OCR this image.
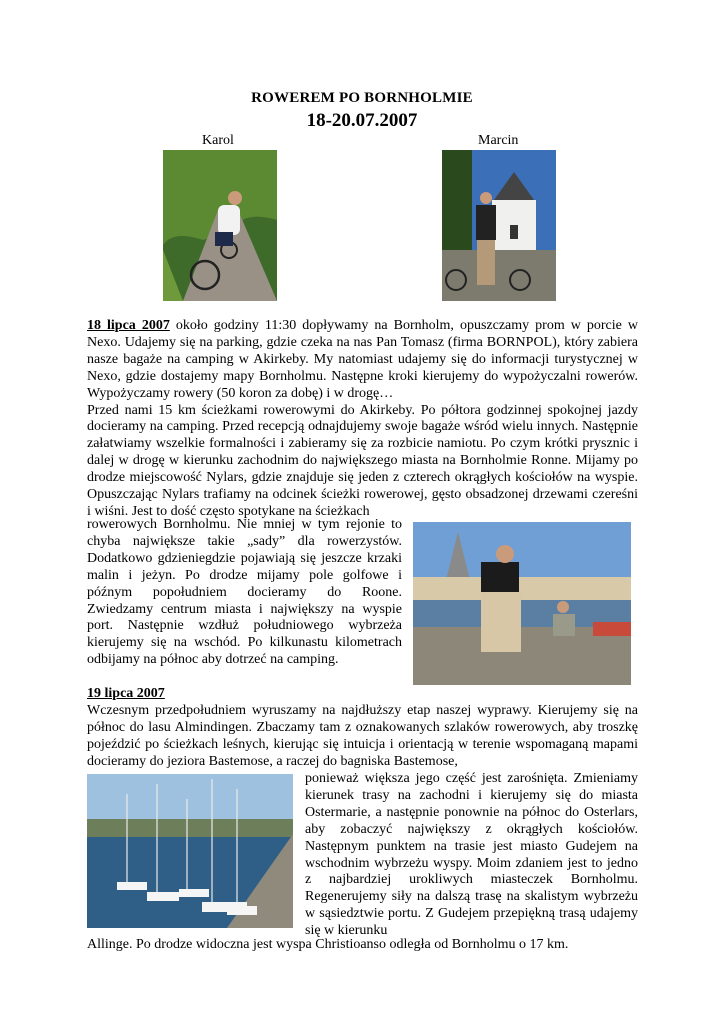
ROWEREM PO BORNHOLMIE
18-20.07.2007
Karol	Marcin
18 lipca 2007 około godziny 11:30 dopływamy na Bornholm, opuszczamy prom w porcie w Nexo. Udajemy się na parking, gdzie czeka na nas Pan Tomasz (firma BORNPOL), który zabiera nasze bagaże na camping w Akirkeby. My natomiast udajemy się do informacji turystycznej w Nexo, gdzie dostajemy mapy Bornholmu. Następne kroki kierujemy do wypożyczalni rowerów. Wypożyczamy rowery (50 koron za dobę) i w drogę…
Przed nami 15 km ścieżkami rowerowymi do Akirkeby. Po półtora godzinnej spokojnej jazdy docieramy na camping. Przed recepcją odnajdujemy swoje bagaże wśród wielu innych. Następnie załatwiamy wszelkie formalności i zabieramy się za rozbicie namiotu. Po czym krótki prysznic i dalej w drogę w kierunku zachodnim do największego miasta na Bornholmie Ronne. Mijamy po drodze miejscowość Nylars, gdzie znajduje się jeden z czterech okrągłych kościołów na wyspie. Opuszczając Nylars trafiamy na odcinek ścieżki rowerowej, gęsto obsadzonej drzewami czereśni i wiśni. Jest to dość często spotykane na ścieżkach
rowerowych Bornholmu. Nie mniej w tym rejonie to chyba największe takie „sady” dla rowerzystów. Dodatkowo gdzieniegdzie pojawiają się jeszcze krzaki malin i jeżyn. Po drodze mijamy pole golfowe i późnym popołudniem docieramy do Roone. Zwiedzamy centrum miasta i największy na wyspie port. Następnie wzdłuż południowego wybrzeża kierujemy się na wschód. Po kilkunastu kilometrach odbijamy na północ aby dotrzeć na camping.
19 lipca 2007
Wczesnym przedpołudniem wyruszamy na najdłuższy etap naszej wyprawy. Kierujemy się na północ do lasu Almindingen. Zbaczamy tam z oznakowanych szlaków rowerowych, aby troszkę pojeździć po ścieżkach leśnych, kierując się intuicja i orientacją w terenie wspomaganą mapami docieramy do jeziora Bastemose, a raczej do bagniska Bastemose,
ponieważ większa jego część jest zarośnięta. Zmieniamy kierunek trasy na zachodni i kierujemy się do miasta Ostermarie, a następnie ponownie na północ do Osterlars, aby zobaczyć największy z okrągłych kościołów. Następnym punktem na trasie jest miasto Gudejem na wschodnim wybrzeżu wyspy. Moim zdaniem jest to jedno z najbardziej urokliwych miasteczek Bornholmu. Regenerujemy siły na dalszą trasę na skalistym wybrzeżu w sąsiedztwie portu. Z Gudejem przepiękną trasą udajemy się w kierunku
Allinge. Po drodze widoczna jest wyspa Christioanso odległa od Bornholmu o 17 km.
